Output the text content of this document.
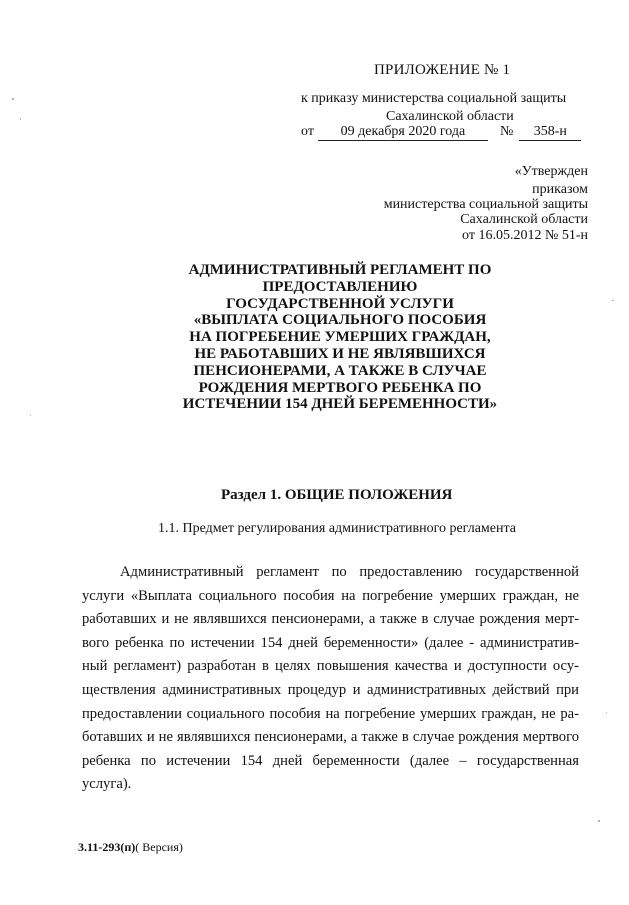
ПРИЛОЖЕНИЕ № 1
к приказу министерства социальной защиты
Сахалинской области
от 09 декабря 2020 года № 358-н
«Утвержден
приказом
министерства социальной защиты
Сахалинской области
от 16.05.2012 № 51-н
АДМИНИСТРАТИВНЫЙ РЕГЛАМЕНТ ПО
ПРЕДОСТАВЛЕНИЮ
ГОСУДАРСТВЕННОЙ УСЛУГИ
«ВЫПЛАТА СОЦИАЛЬНОГО ПОСОБИЯ
НА ПОГРЕБЕНИЕ УМЕРШИХ ГРАЖДАН,
НЕ РАБОТАВШИХ И НЕ ЯВЛЯВШИХСЯ
ПЕНСИОНЕРАМИ, А ТАКЖЕ В СЛУЧАЕ
РОЖДЕНИЯ МЕРТВОГО РЕБЕНКА ПО
ИСТЕЧЕНИИ 154 ДНЕЙ БЕРЕМЕННОСТИ»
Раздел 1. ОБЩИЕ ПОЛОЖЕНИЯ
1.1. Предмет регулирования административного регламента
Административный регламент по предоставлению государственной
услуги «Выплата социального пособия на погребение умерших граждан, не
работавших и не являвшихся пенсионерами, а также в случае рождения мерт-
вого ребенка по истечении 154 дней беременности» (далее - административ-
ный регламент) разработан в целях повышения качества и доступности осу-
ществления административных процедур и административных действий при
предоставлении социального пособия на погребение умерших граждан, не ра-
ботавших и не являвшихся пенсионерами, а также в случае рождения мертвого
ребенка по истечении 154 дней беременности (далее – государственная
услуга).
3.11-293(п)( Версия)
